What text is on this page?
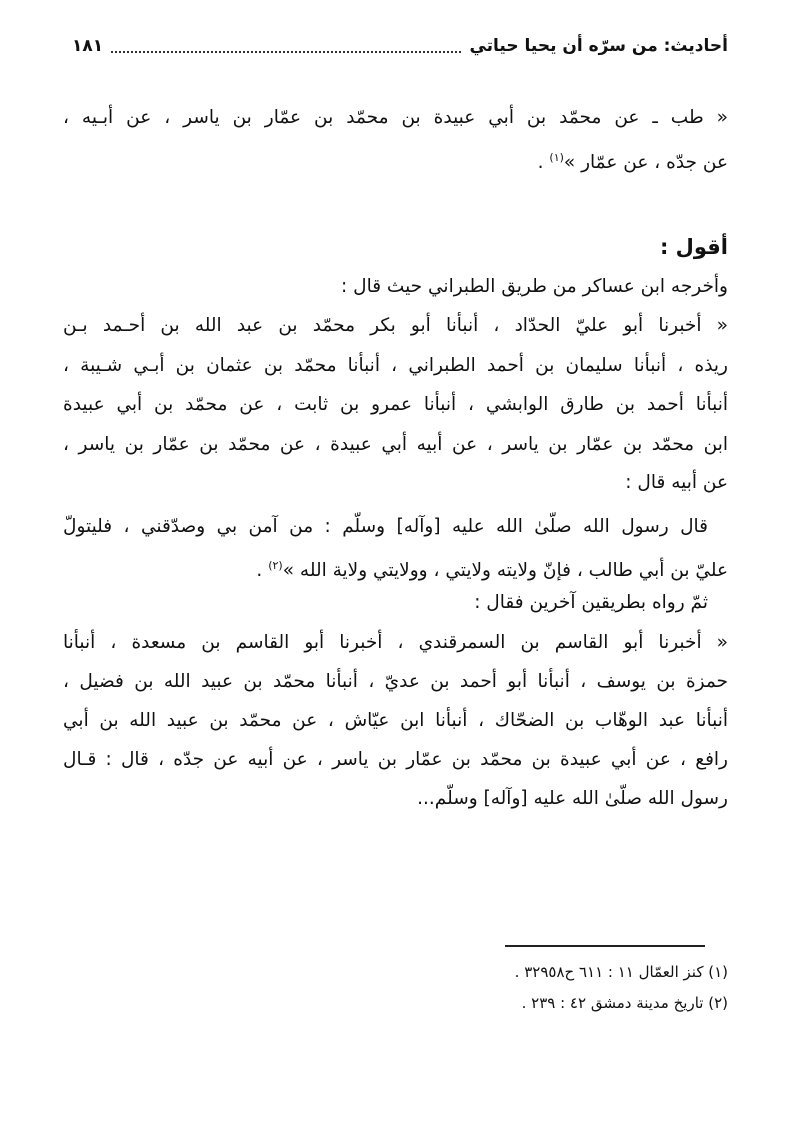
أحاديث: من سرّه أن يحيا حياتي
١٨١
« طب ـ عن محمّد بن أبي عبيدة بن محمّد بن عمّار بن ياسر ، عن أبـيه ،
عن جدّه ، عن عمّار »$^{(١)}$ .
أقول :
وأخرجه ابن عساكر من طريق الطبراني حيث قال :
« أخبرنا أبو عليّ الحدّاد ، أنبأنا أبو بكر محمّد بن عبد الله بن أحـمد بـن
ريذه ، أنبأنا سليمان بن أحمد الطبراني ، أنبأنا محمّد بن عثمان بن أبـي شـيبة ،
أنبأنا أحمد بن طارق الوابشي ، أنبأنا عمرو بن ثابت ، عن محمّد بن أبي عبيدة
ابن محمّد بن عمّار بن ياسر ، عن أبيه أبي عبيدة ، عن محمّد بن عمّار بن ياسر ،
عن أبيه قال :
قال رسول الله صلّىٰ الله عليه [وآله] وسلّم : من آمن بي وصدّقني ، فليتولّ
عليّ بن أبي طالب ، فإنّ ولايته ولايتي ، وولايتي ولاية الله »$^{(٢)}$ .
ثمّ رواه بطريقين آخرين فقال :
« أخبرنا أبو القاسم بن السمرقندي ، أخبرنا أبو القاسم بن مسعدة ، أنبأنا
حمزة بن يوسف ، أنبأنا أبو أحمد بن عديّ ، أنبأنا محمّد بن عبيد الله بن فضيل ،
أنبأنا عبد الوهّاب بن الضحّاك ، أنبأنا ابن عيّاش ، عن محمّد بن عبيد الله بن أبي
رافع ، عن أبي عبيدة بن محمّد بن عمّار بن ياسر ، عن أبيه عن جدّه ، قال : قـال
رسول الله صلّىٰ الله عليه [وآله] وسلّم...
(١) كنز العمّال ١١ : ٦١١ ح٣٢٩٥٨ .
(٢) تاريخ مدينة دمشق ٤٢ : ٢٣٩ .
